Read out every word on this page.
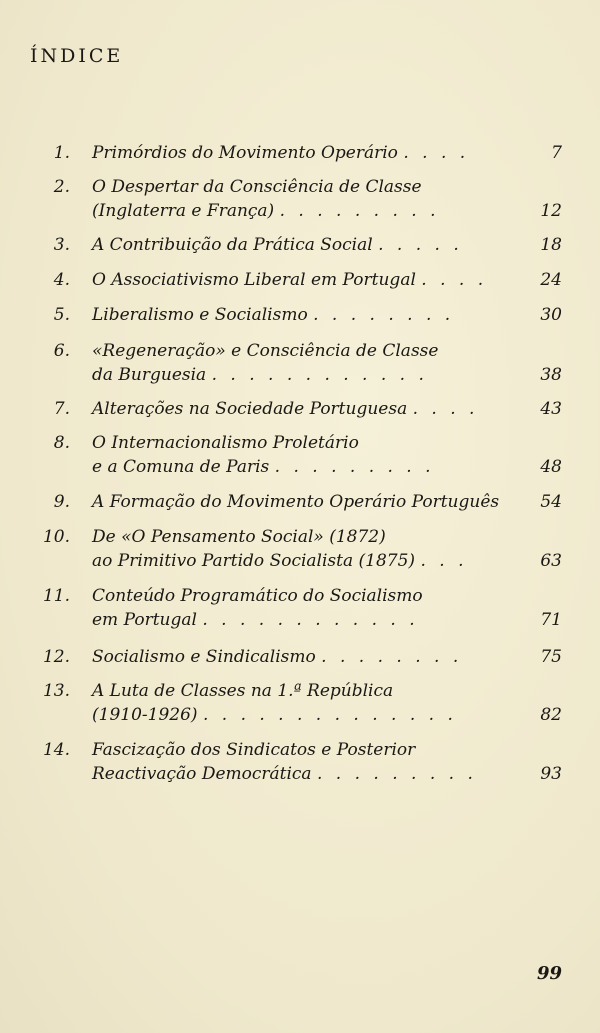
ÍNDICE
1. Primórdios do Movimento Operário . . . .	7
2. O Despertar da Consciência de Classe
(Inglaterra e França) . . . . . . . . .	12
3. A Contribuição da Prática Social . . . . .	18
4. O Associativismo Liberal em Portugal . . . .	24
5. Liberalismo e Socialismo . . . . . . . .	30
6. «Regeneração» e Consciência de Classe
da Burguesia . . . . . . . . . . . .	38
7. Alterações na Sociedade Portuguesa . . . .	43
8. O Internacionalismo Proletário
e a Comuna de Paris . . . . . . . . .	48
9. A Formação do Movimento Operário Português	54
10. De «O Pensamento Social» (1872)
ao Primitivo Partido Socialista (1875) . . .	63
11. Conteúdo Programático do Socialismo
em Portugal . . . . . . . . . . . .	71
12. Socialismo e Sindicalismo . . . . . . . .	75
13. A Luta de Classes na 1.ª República
(1910-1926) . . . . . . . . . . . . . .	82
14. Fascização dos Sindicatos e Posterior
Reactivação Democrática . . . . . . . . .	93
99
